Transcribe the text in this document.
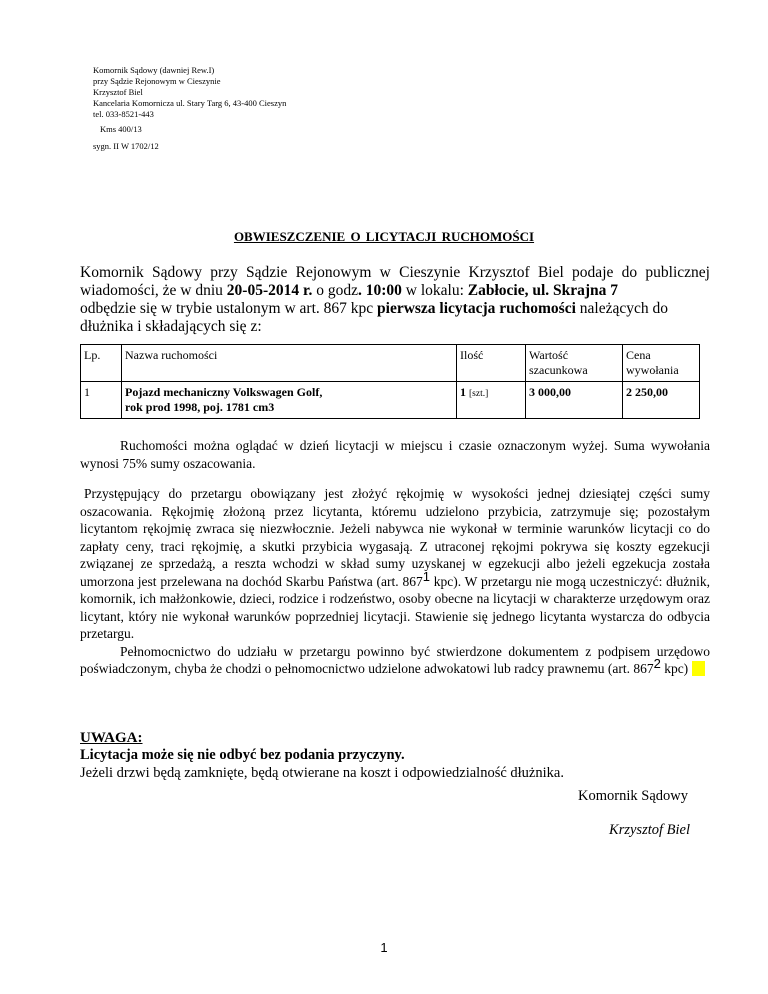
Komornik Sądowy (dawniej Rew.I)
przy Sądzie Rejonowym w Cieszynie
Krzysztof Biel
Kancelaria Komornicza ul. Stary Targ 6, 43-400 Cieszyn
tel. 033-8521-443
Kms 400/13
sygn. II W 1702/12
OBWIESZCZENIE O LICYTACJI RUCHOMOŚCI
Komornik Sądowy przy Sądzie Rejonowym w Cieszynie Krzysztof Biel podaje do publicznej
wiadomości, że w dniu 20-05-2014 r. o godz. 10:00 w lokalu: Zabłocie, ul. Skrajna 7
odbędzie się w trybie ustalonym w art. 867 kpc pierwsza licytacja ruchomości należących do
dłużnika i składających się z:
Lp.	Nazwa ruchomości	Ilość	Wartość
szacunkowa	Cena
wywołania
1	Pojazd mechaniczny Volkswagen Golf,
rok prod 1998, poj. 1781 cm3	1 [szt.]	3 000,00	2 250,00

Ruchomości można oglądać w dzień licytacji w miejscu i czasie oznaczonym wyżej. Suma wywołania wynosi 75% sumy oszacowania.

Przystępujący do przetargu obowiązany jest złożyć rękojmię w wysokości jednej dziesiątej części sumy oszacowania. Rękojmię złożoną przez licytanta, któremu udzielono przybicia, zatrzymuje się; pozostałym licytantom rękojmię zwraca się niezwłocznie. Jeżeli nabywca nie wykonał w terminie warunków licytacji co do zapłaty ceny, traci rękojmię, a skutki przybicia wygasają. Z utraconej rękojmi pokrywa się koszty egzekucji związanej ze sprzedażą, a reszta wchodzi w skład sumy uzyskanej w egzekucji albo jeżeli egzekucja została umorzona jest przelewana na dochód Skarbu Państwa (art. $867^1$ kpc). W przetargu nie mogą uczestniczyć: dłużnik, komornik, ich małżonkowie, dzieci, rodzice i rodzeństwo, osoby obecne na licytacji w charakterze urzędowym oraz licytant, który nie wykonał warunków poprzedniej licytacji. Stawienie się jednego licytanta wystarcza do odbycia przetargu.

Pełnomocnictwo do udziału w przetargu powinno być stwierdzone dokumentem z podpisem urzędowo poświadczonym, chyba że chodzi o pełnomocnictwo udzielone adwokatowi lub radcy prawnemu (art. $867^2$ kpc)

UWAGA:
Licytacja może się nie odbyć bez podania przyczyny.
Jeżeli drzwi będą zamknięte, będą otwierane na koszt i odpowiedzialność dłużnika.
Komornik Sądowy
Krzysztof Biel
1
